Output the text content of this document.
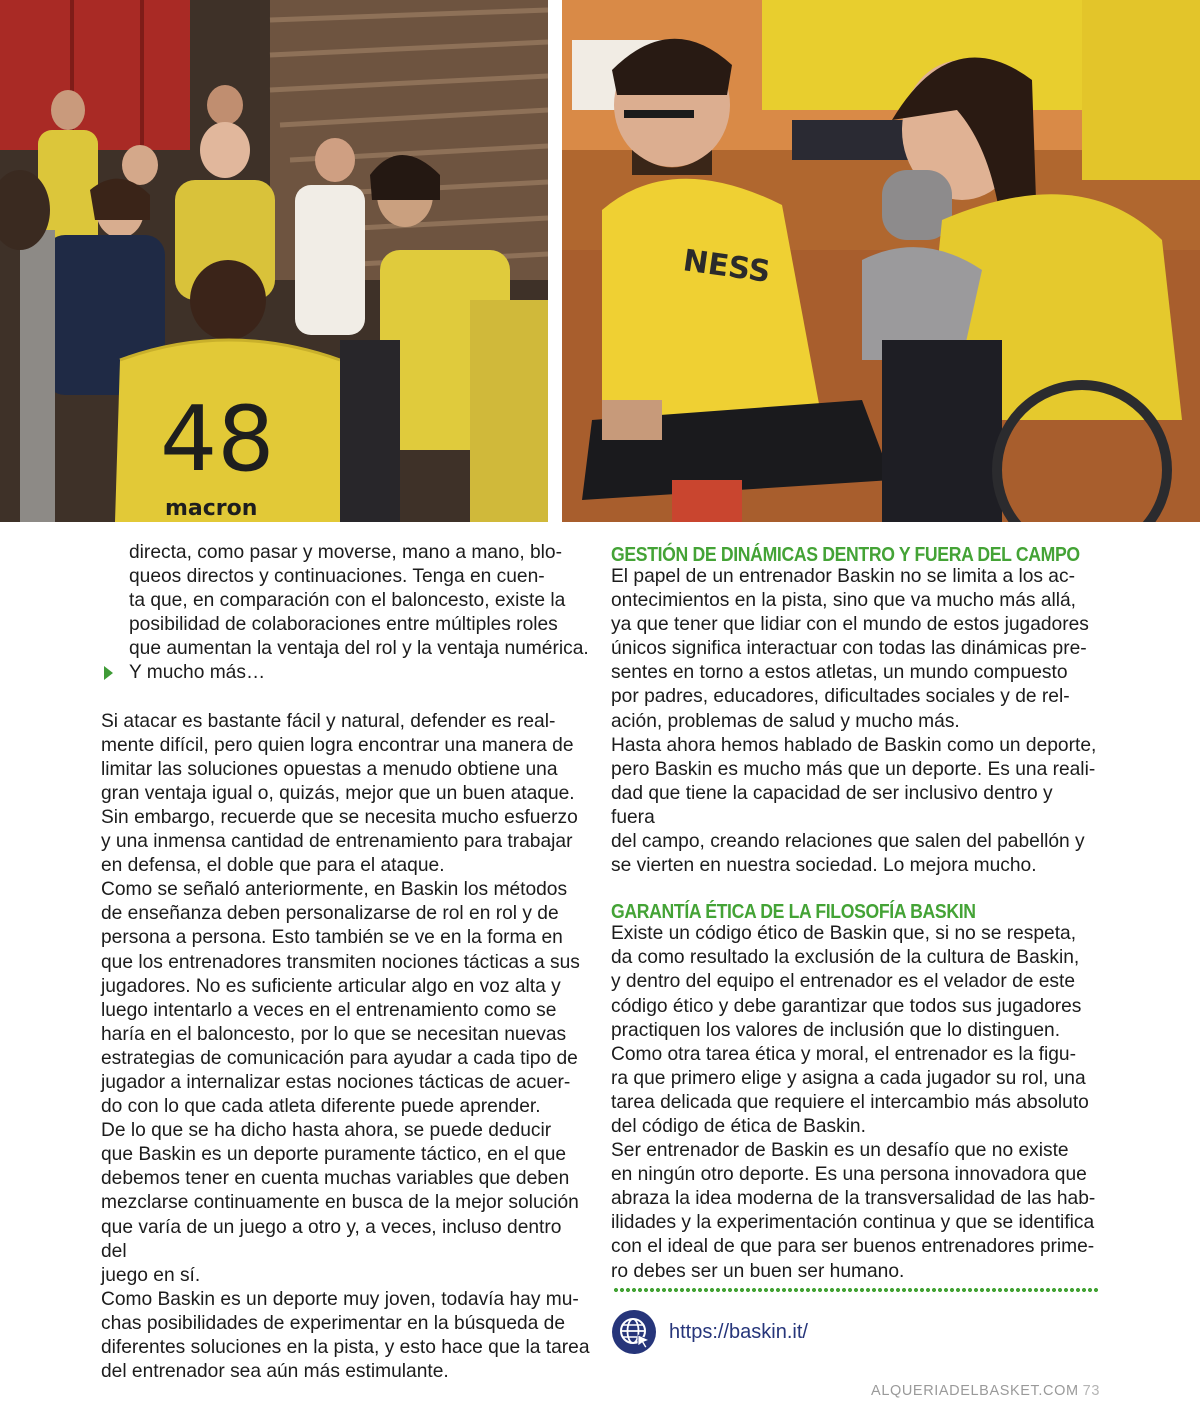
48
macron
NESS

directa, como pasar y moverse, mano a mano, blo-
queos directos y continuaciones. Tenga en cuen-
ta que, en comparación con el baloncesto, existe la
posibilidad de colaboraciones entre múltiples roles
que aumentan la ventaja del rol y la ventaja numérica.

Y mucho más…

Si atacar es bastante fácil y natural, defender es real-
mente difícil, pero quien logra encontrar una manera de
limitar las soluciones opuestas a menudo obtiene una
gran ventaja igual o, quizás, mejor que un buen ataque.
Sin embargo, recuerde que se necesita mucho esfuerzo
y una inmensa cantidad de entrenamiento para trabajar
en defensa, el doble que para el ataque.

Como se señaló anteriormente, en Baskin los métodos
de enseñanza deben personalizarse de rol en rol y de
persona a persona. Esto también se ve en la forma en
que los entrenadores transmiten nociones tácticas a sus
jugadores. No es suficiente articular algo en voz alta y
luego intentarlo a veces en el entrenamiento como se
haría en el baloncesto, por lo que se necesitan nuevas
estrategias de comunicación para ayudar a cada tipo de
jugador a internalizar estas nociones tácticas de acuer-
do con lo que cada atleta diferente puede aprender.

De lo que se ha dicho hasta ahora, se puede deducir
que Baskin es un deporte puramente táctico, en el que
debemos tener en cuenta muchas variables que deben
mezclarse continuamente en busca de la mejor solución
que varía de un juego a otro y, a veces, incluso dentro del
juego en sí.

Como Baskin es un deporte muy joven, todavía hay mu-
chas posibilidades de experimentar en la búsqueda de
diferentes soluciones en la pista, y esto hace que la tarea
del entrenador sea aún más estimulante.

GESTIÓN DE DINÁMICAS DENTRO Y FUERA DEL CAMPO

El papel de un entrenador Baskin no se limita a los ac-
ontecimientos en la pista, sino que va mucho más allá,
ya que tener que lidiar con el mundo de estos jugadores
únicos significa interactuar con todas las dinámicas pre-
sentes en torno a estos atletas, un mundo compuesto
por padres, educadores, dificultades sociales y de rel-
ación, problemas de salud y mucho más.

Hasta ahora hemos hablado de Baskin como un deporte,
pero Baskin es mucho más que un deporte. Es una reali-
dad que tiene la capacidad de ser inclusivo dentro y fuera
del campo, creando relaciones que salen del pabellón y
se vierten en nuestra sociedad. Lo mejora mucho.

GARANTÍA ÉTICA DE LA FILOSOFÍA BASKIN

Existe un código ético de Baskin que, si no se respeta,
da como resultado la exclusión de la cultura de Baskin,
y dentro del equipo el entrenador es el velador de este
código ético y debe garantizar que todos sus jugadores
practiquen los valores de inclusión que lo distinguen.

Como otra tarea ética y moral, el entrenador es la figu-
ra que primero elige y asigna a cada jugador su rol, una
tarea delicada que requiere el intercambio más absoluto
del código de ética de Baskin.

Ser entrenador de Baskin es un desafío que no existe
en ningún otro deporte. Es una persona innovadora que
abraza la idea moderna de la transversalidad de las hab-
ilidades y la experimentación continua y que se identifica
con el ideal de que para ser buenos entrenadores prime-
ro debes ser un buen ser humano.

https://baskin.it/
ALQUERIADELBASKET.COM 73
